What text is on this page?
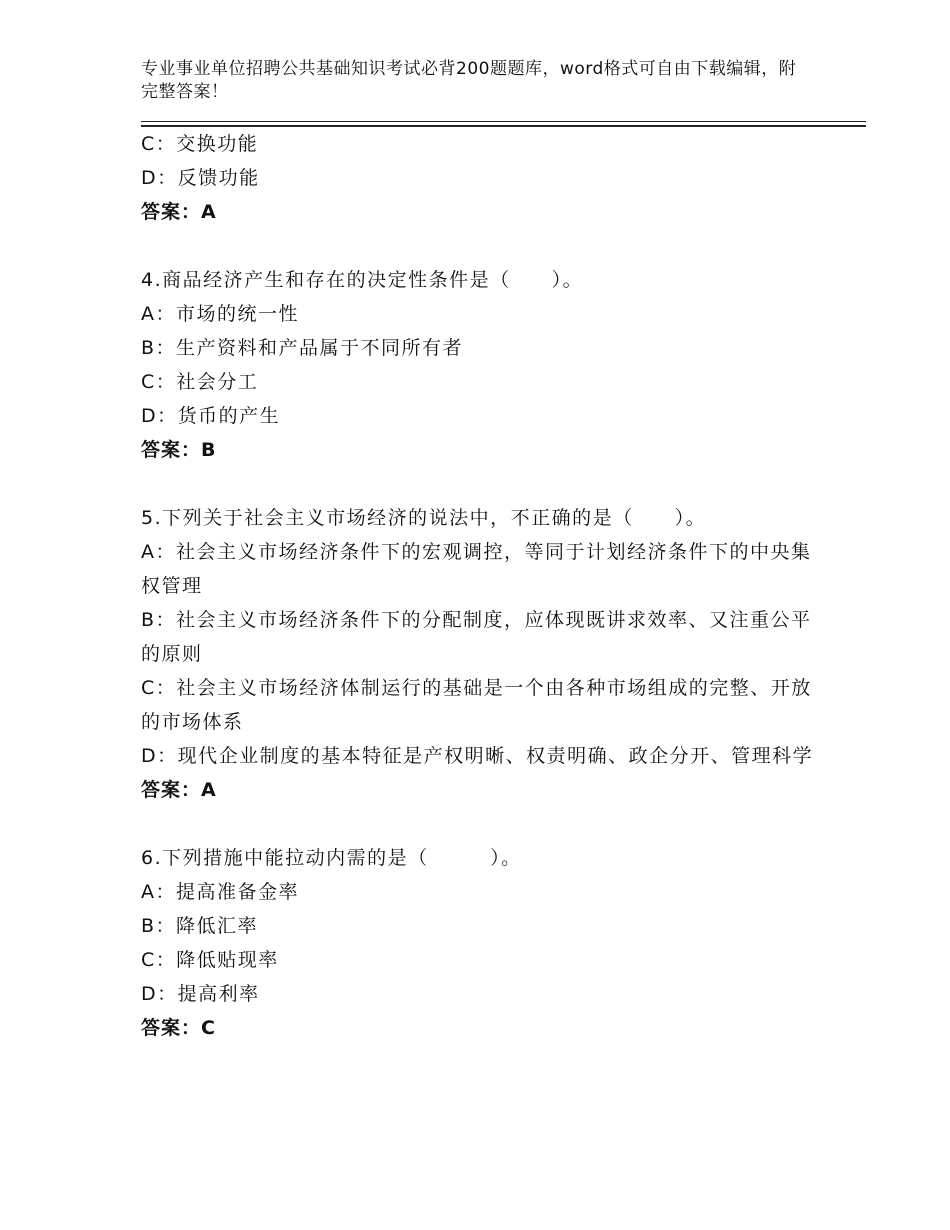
专业事业单位招聘公共基础知识考试必背200题题库，word格式可自由下载编辑，附完整答案！

C：交换功能

D：反馈功能

答案：A

4.商品经济产生和存在的决定性条件是（　　）。

A：市场的统一性

B：生产资料和产品属于不同所有者

C：社会分工

D：货币的产生

答案：B

5.下列关于社会主义市场经济的说法中，不正确的是（　　）。

A：社会主义市场经济条件下的宏观调控，等同于计划经济条件下的中央集权管理

B：社会主义市场经济条件下的分配制度，应体现既讲求效率、又注重公平的原则

C：社会主义市场经济体制运行的基础是一个由各种市场组成的完整、开放的市场体系

D：现代企业制度的基本特征是产权明晰、权责明确、政企分开、管理科学

答案：A

6.下列措施中能拉动内需的是（　　　）。

A：提高准备金率

B：降低汇率

C：降低贴现率

D：提高利率

答案：C
